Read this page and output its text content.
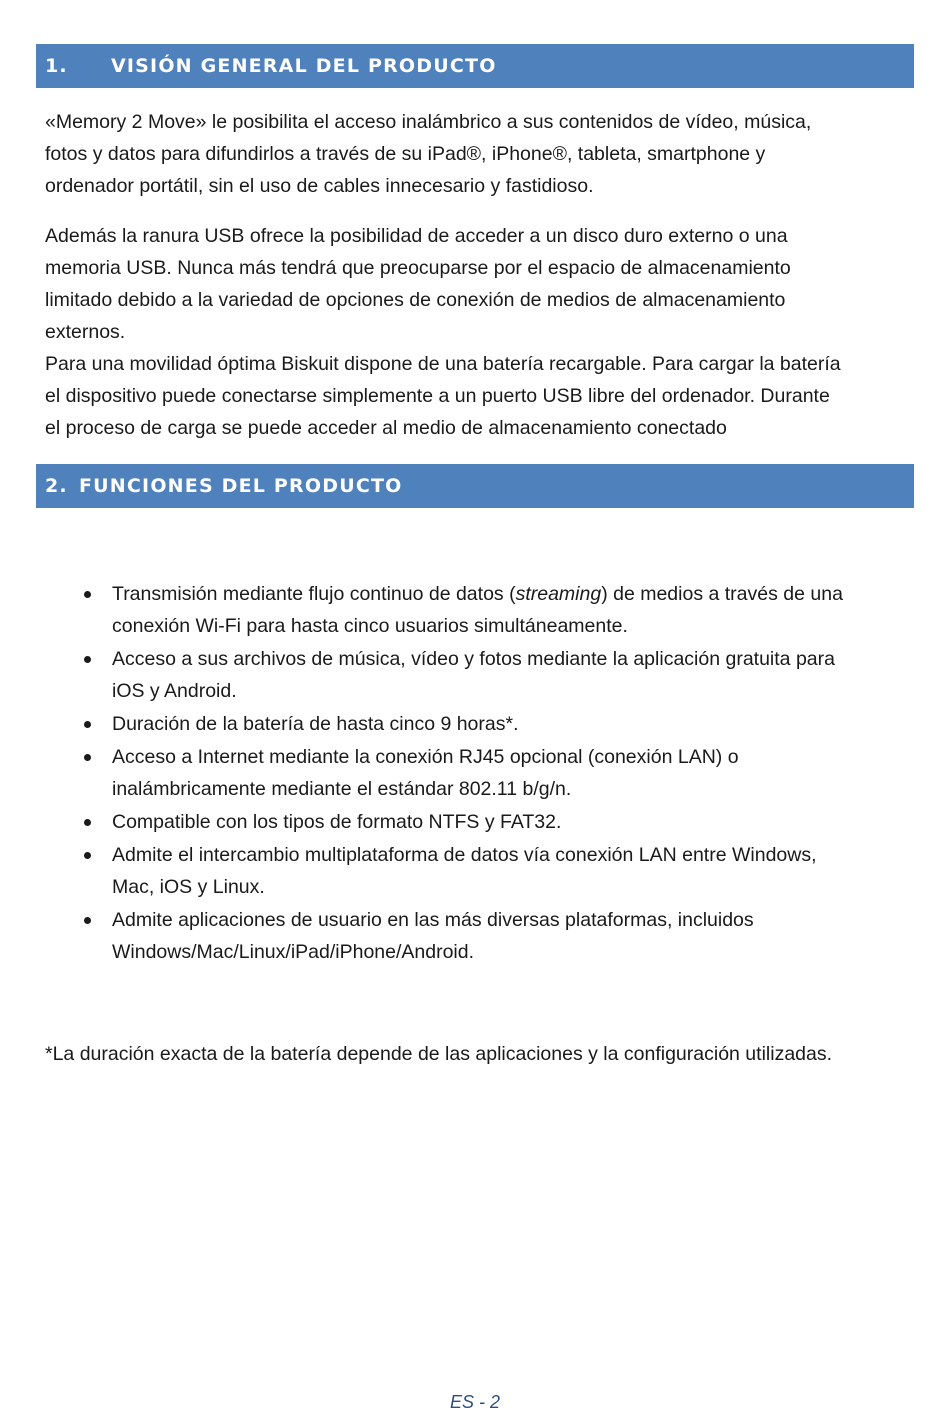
1.	VISIÓN GENERAL DEL PRODUCTO

«Memory 2 Move» le posibilita el acceso inalámbrico a sus contenidos de vídeo, música,
fotos y datos para difundirlos a través de su iPad®, iPhone®, tableta, smartphone y
ordenador portátil, sin el uso de cables innecesario y fastidioso.

Además la ranura USB ofrece la posibilidad de acceder a un disco duro externo o una
memoria USB. Nunca más tendrá que preocuparse por el espacio de almacenamiento
limitado debido a la variedad de opciones de conexión de medios de almacenamiento
externos.

Para una movilidad óptima Biskuit dispone de una batería recargable. Para cargar la batería
el dispositivo puede conectarse simplemente a un puerto USB libre del ordenador. Durante
el proceso de carga se puede acceder al medio de almacenamiento conectado

2. FUNCIONES DEL PRODUCTO
Transmisión mediante flujo continuo de datos (streaming) de medios a través de una
conexión Wi-Fi para hasta cinco usuarios simultáneamente.
Acceso a sus archivos de música, vídeo y fotos mediante la aplicación gratuita para
iOS y Android.
Duración de la batería de hasta cinco 9 horas*.
Acceso a Internet mediante la conexión RJ45 opcional (conexión LAN) o
inalámbricamente mediante el estándar 802.11 b/g/n.
Compatible con los tipos de formato NTFS y FAT32.
Admite el intercambio multiplataforma de datos vía conexión LAN entre Windows,
Mac, iOS y Linux.
Admite aplicaciones de usuario en las más diversas plataformas, incluidos
Windows/Mac/Linux/iPad/iPhone/Android.
*La duración exacta de la batería depende de las aplicaciones y la configuración utilizadas.
ES - 2
